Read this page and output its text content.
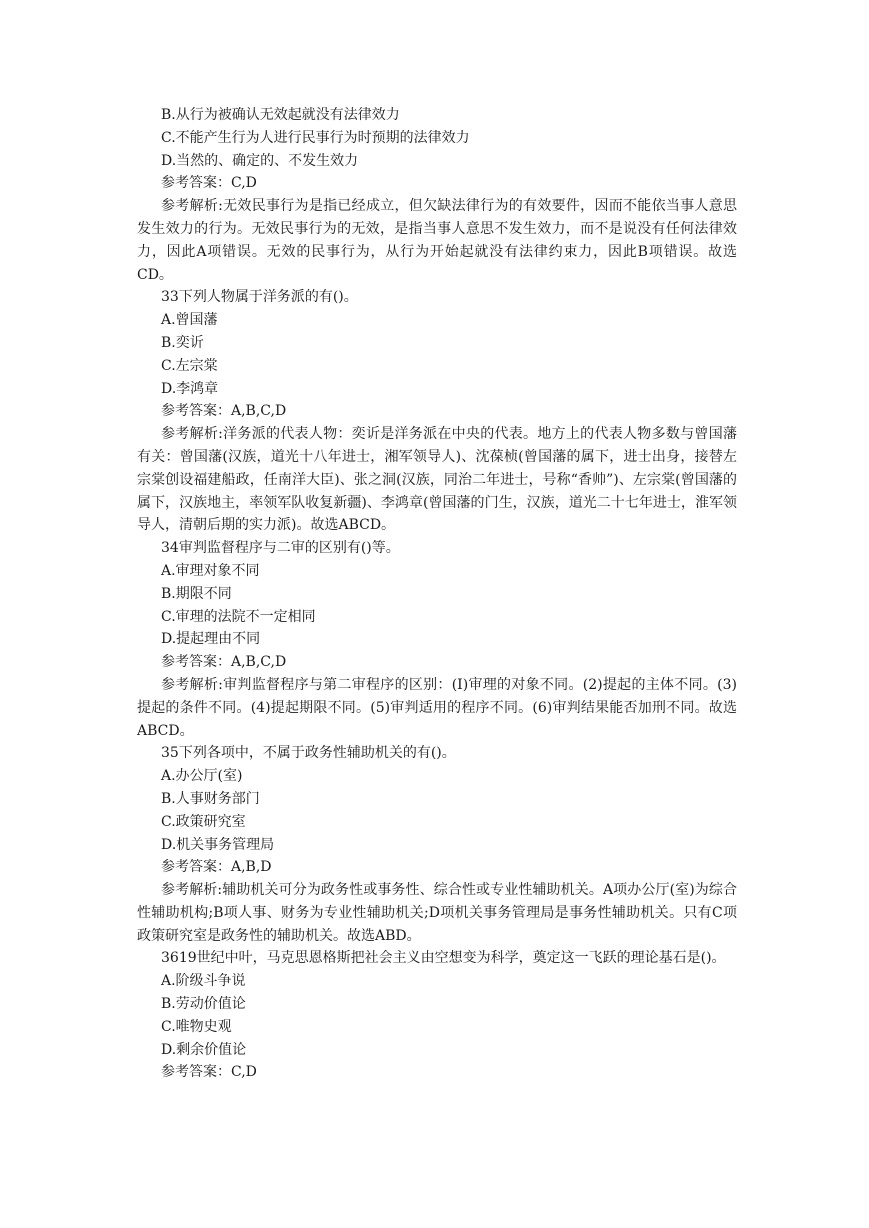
B.从行为被确认无效起就没有法律效力
C.不能产生行为人进行民事行为时预期的法律效力
D.当然的、确定的、不发生效力
参考答案：C,D
参考解析:无效民事行为是指已经成立，但欠缺法律行为的有效要件，因而不能依当事人意思发生效力的行为。无效民事行为的无效，是指当事人意思不发生效力，而不是说没有任何法律效力，因此A项错误。无效的民事行为，从行为开始起就没有法律约束力，因此B项错误。故选CD。
33下列人物属于洋务派的有()。
A.曾国藩
B.奕䜣
C.左宗棠
D.李鸿章
参考答案：A,B,C,D
参考解析:洋务派的代表人物：奕䜣是洋务派在中央的代表。地方上的代表人物多数与曾国藩有关：曾国藩(汉族，道光十八年进士，湘军领导人)、沈葆桢(曾国藩的属下，进士出身，接替左宗棠创设福建船政，任南洋大臣)、张之洞(汉族，同治二年进士，号称“香帅”)、左宗棠(曾国藩的属下，汉族地主，率领军队收复新疆)、李鸿章(曾国藩的门生，汉族，道光二十七年进士，淮军领导人，清朝后期的实力派)。故选ABCD。
34审判监督程序与二审的区别有()等。
A.审理对象不同
B.期限不同
C.审理的法院不一定相同
D.提起理由不同
参考答案：A,B,C,D
参考解析:审判监督程序与第二审程序的区别：(I)审理的对象不同。(2)提起的主体不同。(3)提起的条件不同。(4)提起期限不同。(5)审判适用的程序不同。(6)审判结果能否加刑不同。故选ABCD。
35下列各项中，不属于政务性辅助机关的有()。
A.办公厅(室)
B.人事财务部门
C.政策研究室
D.机关事务管理局
参考答案：A,B,D
参考解析:辅助机关可分为政务性或事务性、综合性或专业性辅助机关。A项办公厅(室)为综合性辅助机构;B项人事、财务为专业性辅助机关;D项机关事务管理局是事务性辅助机关。只有C项政策研究室是政务性的辅助机关。故选ABD。
3619世纪中叶，马克思恩格斯把社会主义由空想变为科学，奠定这一飞跃的理论基石是()。
A.阶级斗争说
B.劳动价值论
C.唯物史观
D.剩余价值论
参考答案：C,D
